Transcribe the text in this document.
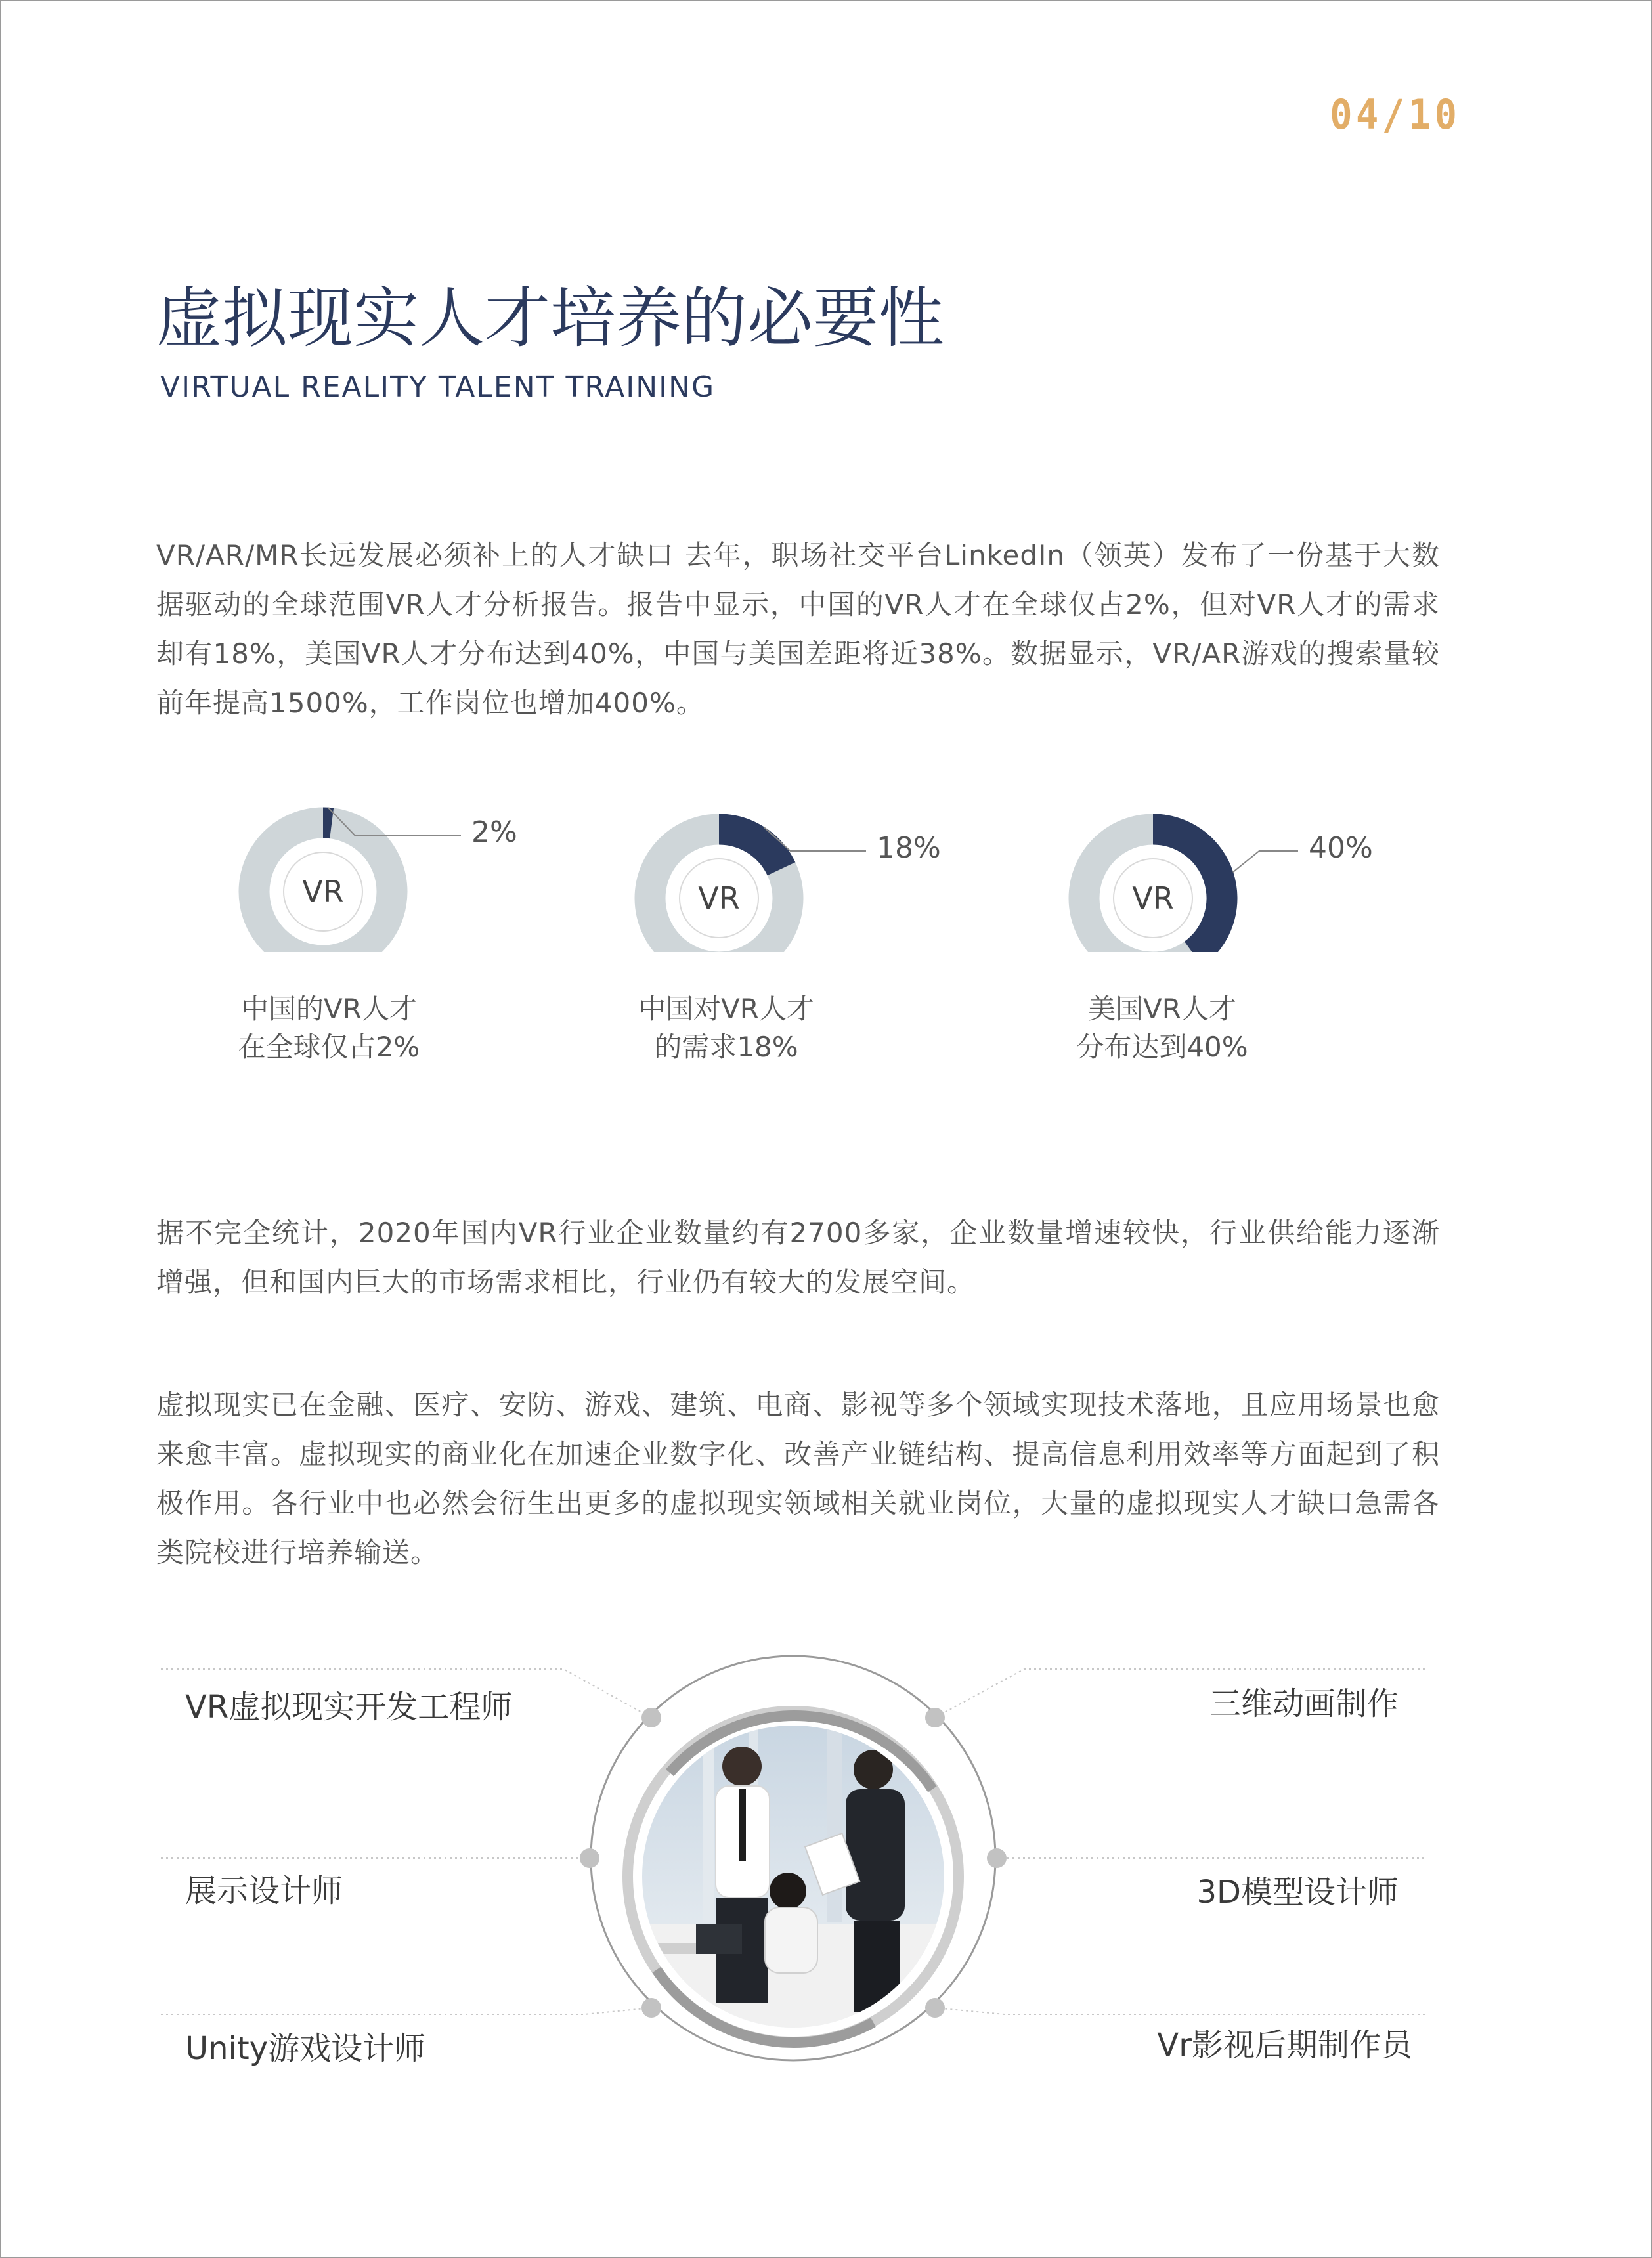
04/10
虚拟现实人才培养的必要性
VIRTUAL REALITY TALENT TRAINING
VR/AR/MR长远发展必须补上的人才缺口 去年，职场社交平台LinkedIn（领英）发布了一份基于大数据驱动的全球范围VR人才分析报告。报告中显示，中国的VR人才在全球仅占2%，但对VR人才的需求却有18%，美国VR人才分布达到40%，中国与美国差距将近38%。数据显示，VR/AR游戏的搜索量较前年提高1500%，工作岗位也增加400%。
VR	VR	VR
2%	18%	40%
中国的VR人才
在全球仅占2%
中国对VR人才
的需求18%
美国VR人才
分布达到40%
据不完全统计，2020年国内VR行业企业数量约有2700多家，企业数量增速较快，行业供给能力逐渐增强，但和国内巨大的市场需求相比，行业仍有较大的发展空间。
虚拟现实已在金融、医疗、安防、游戏、建筑、电商、影视等多个领域实现技术落地，且应用场景也愈来愈丰富。虚拟现实的商业化在加速企业数字化、改善产业链结构、提高信息利用效率等方面起到了积极作用。各行业中也必然会衍生出更多的虚拟现实领域相关就业岗位，大量的虚拟现实人才缺口急需各类院校进行培养输送。
VR虚拟现实开发工程师
展示设计师
Unity游戏设计师
三维动画制作
3D模型设计师
Vr影视后期制作员
